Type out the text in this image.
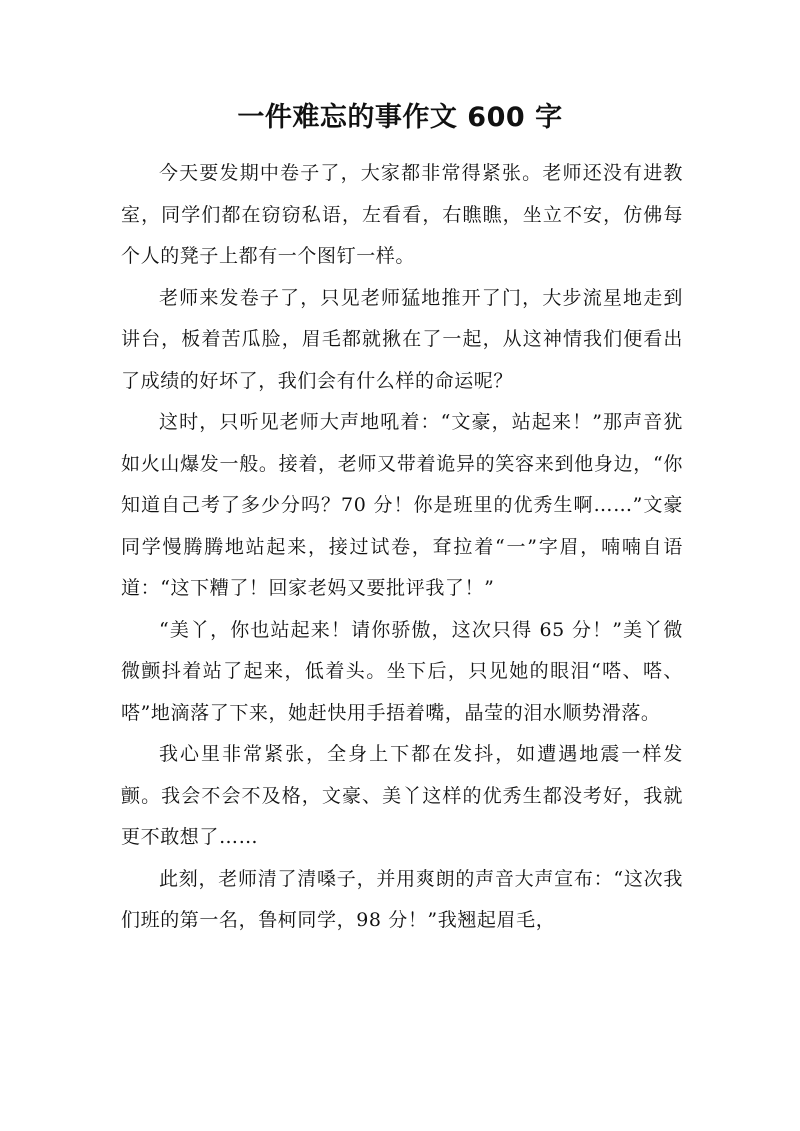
一件难忘的事作文 600 字

今天要发期中卷子了，大家都非常得紧张。老师还没有进教室，同学们都在窃窃私语，左看看，右瞧瞧，坐立不安，仿佛每个人的凳子上都有一个图钉一样。

老师来发卷子了，只见老师猛地推开了门，大步流星地走到讲台，板着苦瓜脸，眉毛都就揪在了一起，从这神情我们便看出了成绩的好坏了，我们会有什么样的命运呢？

这时，只听见老师大声地吼着：“文豪，站起来！”那声音犹如火山爆发一般。接着，老师又带着诡异的笑容来到他身边，“你知道自己考了多少分吗？70 分！你是班里的优秀生啊……”文豪同学慢腾腾地站起来，接过试卷，耷拉着“一”字眉，喃喃自语道：“这下糟了！回家老妈又要批评我了！”

“美丫，你也站起来！请你骄傲，这次只得 65 分！”美丫微微颤抖着站了起来，低着头。坐下后，只见她的眼泪“嗒、嗒、嗒”地滴落了下来，她赶快用手捂着嘴，晶莹的泪水顺势滑落。

我心里非常紧张，全身上下都在发抖，如遭遇地震一样发颤。我会不会不及格，文豪、美丫这样的优秀生都没考好，我就更不敢想了……

此刻，老师清了清嗓子，并用爽朗的声音大声宣布：“这次我们班的第一名，鲁柯同学，98 分！”我翘起眉毛，
